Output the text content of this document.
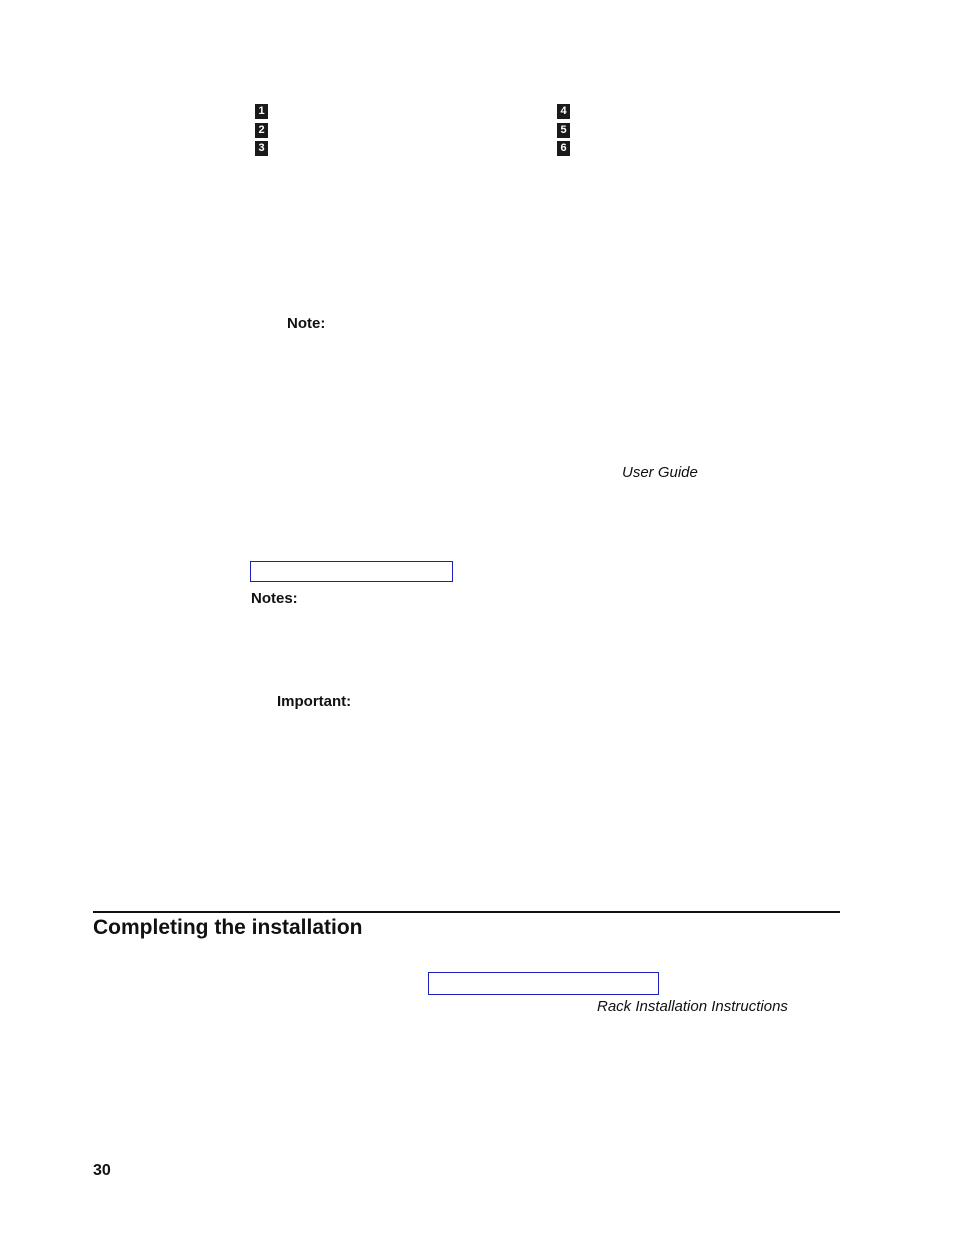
1
2
3
4
5
6
Note:
User Guide
Notes:
Important:
Completing the installation
Rack Installation Instructions
30
